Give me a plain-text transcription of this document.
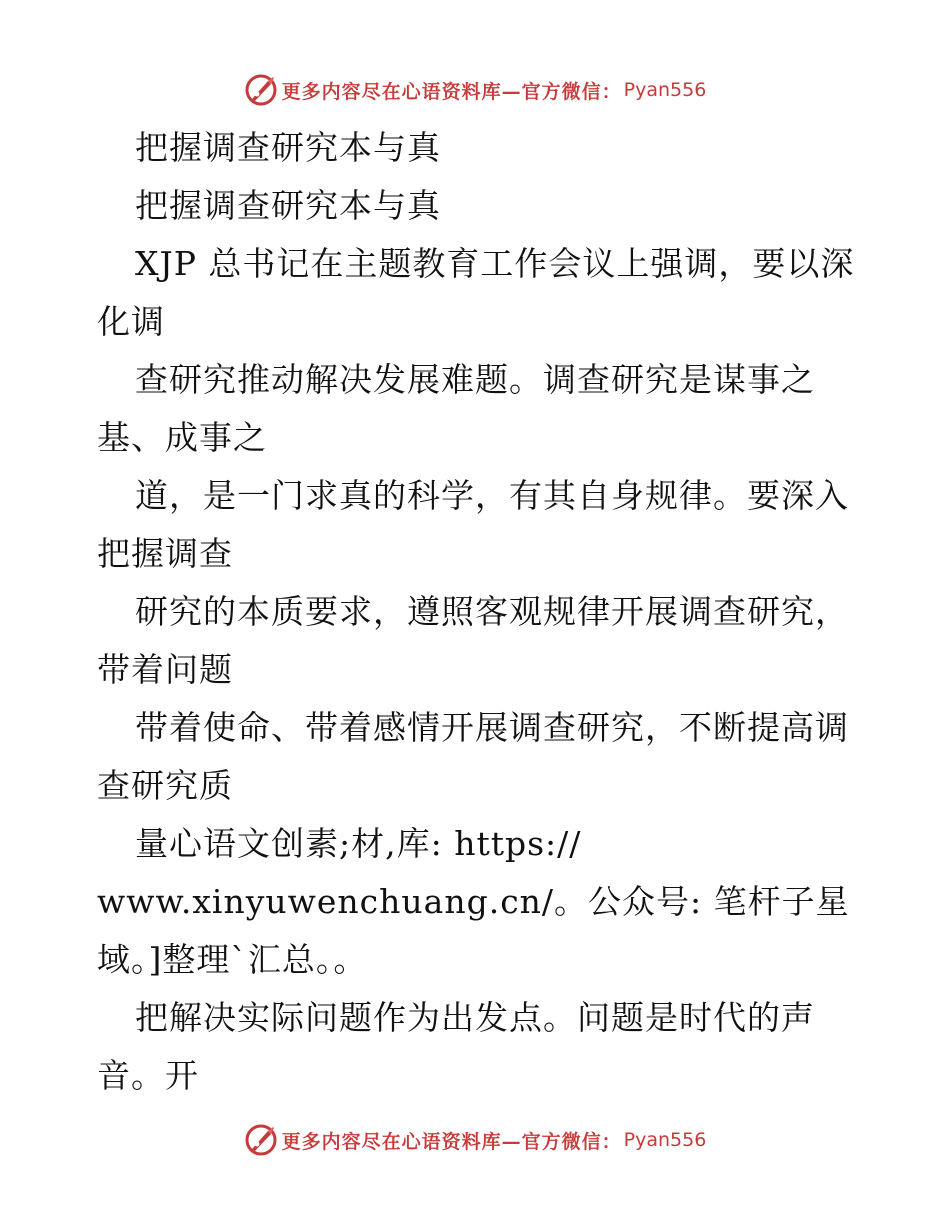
更多内容尽在心语资料库—官方微信： Pyan556
把握调查研究本与真
把握调查研究本与真
XJP 总书记在主题教育工作会议上强调，要以深
化调
查研究推动解决发展难题。调查研究是谋事之
基、成事之
道，是一门求真的科学，有其自身规律。要深入
把握调查
研究的本质要求，遵照客观规律开展调查研究，
带着问题
带着使命、带着感情开展调查研究，不断提高调
查研究质
量心语文创素;材,库: https://
www.xinyuwenchuang.cn/。公众号: 笔杆子星
域。]整理`汇总。。
把解决实际问题作为出发点。问题是时代的声
音。开
更多内容尽在心语资料库—官方微信： Pyan556
